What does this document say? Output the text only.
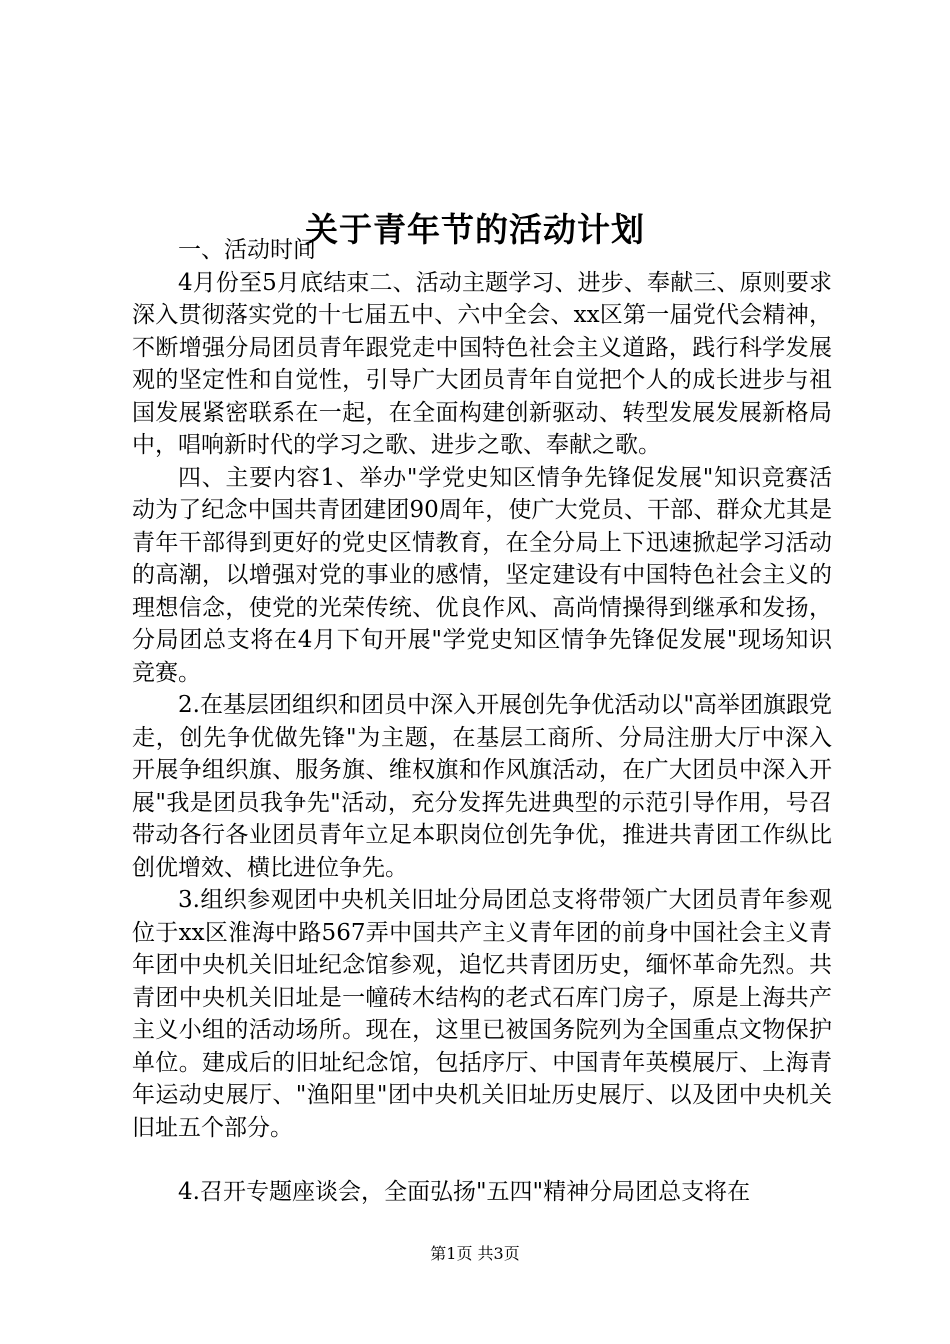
关于青年节的活动计划

一、活动时间

4月份至5月底结束二、活动主题学习、进步、奉献三、原则要求深入贯彻落实党的十七届五中、六中全会、xx区第一届党代会精神，不断增强分局团员青年跟党走中国特色社会主义道路，践行科学发展观的坚定性和自觉性，引导广大团员青年自觉把个人的成长进步与祖国发展紧密联系在一起，在全面构建创新驱动、转型发展发展新格局中，唱响新时代的学习之歌、进步之歌、奉献之歌。

四、主要内容1、举办"学党史知区情争先锋促发展"知识竞赛活动为了纪念中国共青团建团90周年，使广大党员、干部、群众尤其是青年干部得到更好的党史区情教育，在全分局上下迅速掀起学习活动的高潮，以增强对党的事业的感情，坚定建设有中国特色社会主义的理想信念，使党的光荣传统、优良作风、高尚情操得到继承和发扬，分局团总支将在4月下旬开展"学党史知区情争先锋促发展"现场知识竞赛。

2.在基层团组织和团员中深入开展创先争优活动以"高举团旗跟党走，创先争优做先锋"为主题，在基层工商所、分局注册大厅中深入开展争组织旗、服务旗、维权旗和作风旗活动，在广大团员中深入开展"我是团员我争先"活动，充分发挥先进典型的示范引导作用，号召带动各行各业团员青年立足本职岗位创先争优，推进共青团工作纵比创优增效、横比进位争先。

3.组织参观团中央机关旧址分局团总支将带领广大团员青年参观位于xx区淮海中路567弄中国共产主义青年团的前身中国社会主义青年团中央机关旧址纪念馆参观，追忆共青团历史，缅怀革命先烈。共青团中央机关旧址是一幢砖木结构的老式石库门房子，原是上海共产主义小组的活动场所。现在，这里已被国务院列为全国重点文物保护单位。建成后的旧址纪念馆，包括序厅、中国青年英模展厅、上海青年运动史展厅、"渔阳里"团中央机关旧址历史展厅、以及团中央机关旧址五个部分。

4.召开专题座谈会，全面弘扬"五四"精神分局团总支将在

第1页 共3页
